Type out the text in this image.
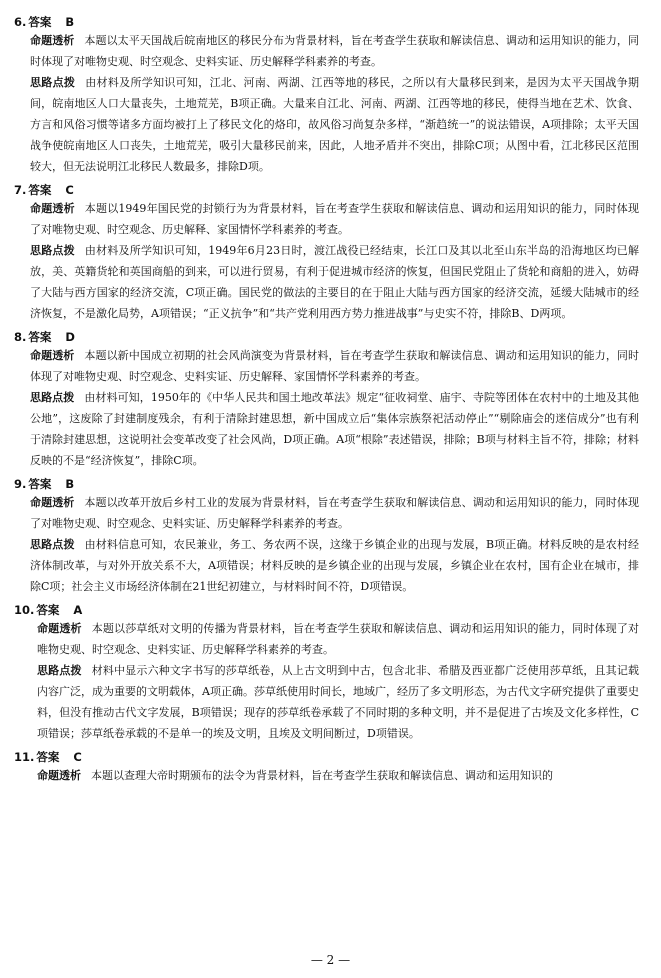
6. 答案 B

命题透析 本题以太平天国战后皖南地区的移民分布为背景材料，旨在考查学生获取和解读信息、调动和运用知识的能力，同时体现了对唯物史观、时空观念、史料实证、历史解释学科素养的考查。

思路点拨 由材料及所学知识可知，江北、河南、两湖、江西等地的移民，之所以有大量移民到来，是因为太平天国战争期间，皖南地区人口大量丧失，土地荒芜，B项正确。大量来自江北、河南、两湖、江西等地的移民，使得当地在艺术、饮食、方言和风俗习惯等诸多方面均被打上了移民文化的烙印，故风俗习尚复杂多样，“渐趋统一”的说法错误，A项排除；太平天国战争使皖南地区人口丧失，土地荒芜，吸引大量移民前来，因此，人地矛盾并不突出，排除C项；从图中看，江北移民区范围较大，但无法说明江北移民人数最多，排除D项。

7. 答案 C

命题透析 本题以1949年国民党的封锁行为为背景材料，旨在考查学生获取和解读信息、调动和运用知识的能力，同时体现了对唯物史观、时空观念、历史解释、家国情怀学科素养的考查。

思路点拨 由材料及所学知识可知，1949年6月23日时，渡江战役已经结束，长江口及其以北至山东半岛的沿海地区均已解放，美、英籍货轮和英国商船的到来，可以进行贸易，有利于促进城市经济的恢复，但国民党阻止了货轮和商船的进入，妨碍了大陆与西方国家的经济交流，C项正确。国民党的做法的主要目的在于阻止大陆与西方国家的经济交流，延缓大陆城市的经济恢复，不是激化局势，A项错误；“正义抗争”和“共产党利用西方势力推进战事”与史实不符，排除B、D两项。

8. 答案 D

命题透析 本题以新中国成立初期的社会风尚演变为背景材料，旨在考查学生获取和解读信息、调动和运用知识的能力，同时体现了对唯物史观、时空观念、史料实证、历史解释、家国情怀学科素养的考查。

思路点拨 由材料可知，1950年的《中华人民共和国土地改革法》规定“征收祠堂、庙宇、寺院等团体在农村中的土地及其他公地”，这废除了封建制度残余，有利于清除封建思想，新中国成立后“集体宗族祭祀活动停止”“剔除庙会的迷信成分”也有利于清除封建思想，这说明社会变革改变了社会风尚，D项正确。A项“根除”表述错误，排除；B项与材料主旨不符，排除；材料反映的不是“经济恢复”，排除C项。

9. 答案 B

命题透析 本题以改革开放后乡村工业的发展为背景材料，旨在考查学生获取和解读信息、调动和运用知识的能力，同时体现了对唯物史观、时空观念、史料实证、历史解释学科素养的考查。

思路点拨 由材料信息可知，农民兼业，务工、务农两不误，这缘于乡镇企业的出现与发展，B项正确。材料反映的是农村经济体制改革，与对外开放关系不大，A项错误；材料反映的是乡镇企业的出现与发展，乡镇企业在农村，国有企业在城市，排除C项；社会主义市场经济体制在21世纪初建立，与材料时间不符，D项错误。

10. 答案 A

命题透析 本题以莎草纸对文明的传播为背景材料，旨在考查学生获取和解读信息、调动和运用知识的能力，同时体现了对唯物史观、时空观念、史料实证、历史解释学科素养的考查。

思路点拨 材料中显示六种文字书写的莎草纸卷，从上古文明到中古，包含北非、希腊及西亚都广泛使用莎草纸，且其记载内容广泛，成为重要的文明载体，A项正确。莎草纸使用时间长，地域广，经历了多文明形态，为古代文字研究提供了重要史料，但没有推动古代文字发展，B项错误；现存的莎草纸卷承载了不同时期的多种文明，并不是促进了古埃及文化多样性，C项错误；莎草纸卷承载的不是单一的埃及文明，且埃及文明间断过，D项错误。

11. 答案 C

命题透析 本题以查理大帝时期颁布的法令为背景材料，旨在考查学生获取和解读信息、调动和运用知识的

— 2 —
